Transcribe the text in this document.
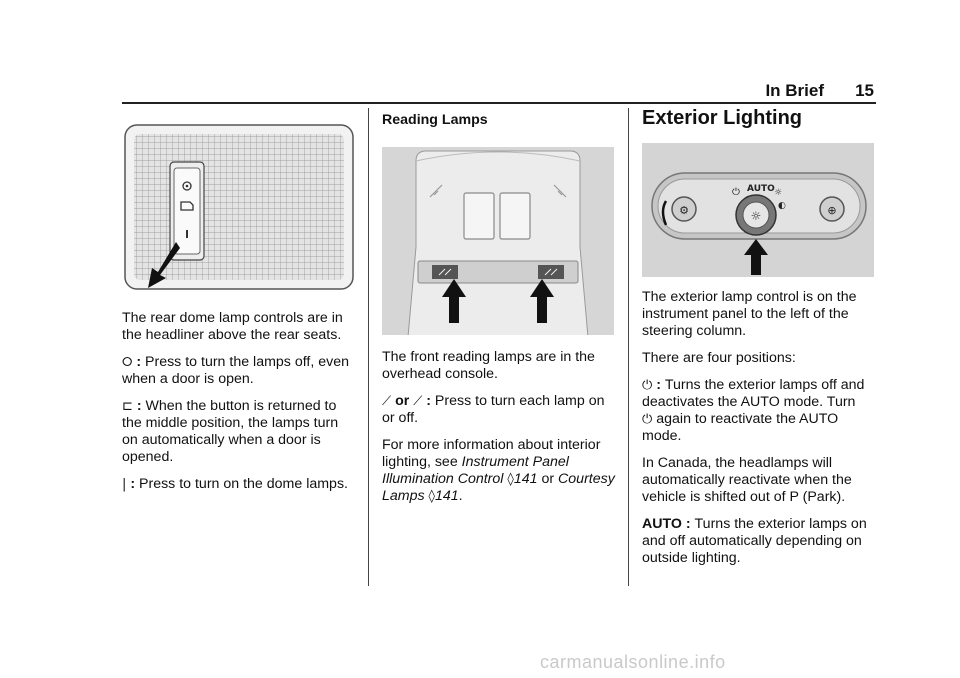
In Brief 15

The rear dome lamp controls are in the headliner above the rear seats.

⭘ : Press to turn the lamps off, even when a door is open.

⊏ : When the button is returned to the middle position, the lamps turn on automatically when a door is opened.

| : Press to turn on the dome lamps.

Reading Lamps

The front reading lamps are in the overhead console.

⟋ or ⟋ : Press to turn each lamp on or off.

For more information about interior lighting, see Instrument Panel Illumination Control ◊141 or Courtesy Lamps ◊141.

Exterior Lighting
⚙	⊕
⏻ AUTO ☼
◐
☼

The exterior lamp control is on the instrument panel to the left of the steering column.

There are four positions:

⏻ : Turns the exterior lamps off and deactivates the AUTO mode. Turn
⏻ again to reactivate the AUTO mode.

In Canada, the headlamps will automatically reactivate when the vehicle is shifted out of P (Park).

AUTO : Turns the exterior lamps on and off automatically depending on outside lighting.

carmanualsonline.info
